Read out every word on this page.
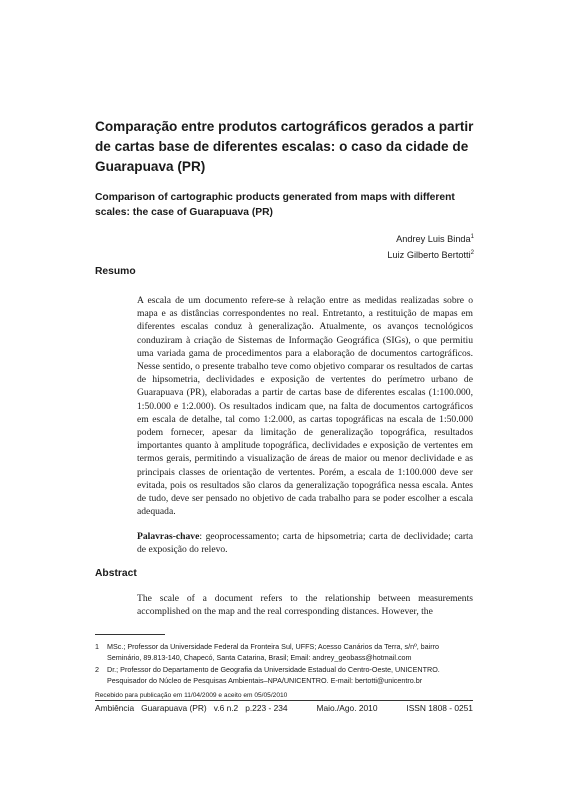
Comparação entre produtos cartográficos gerados a partir de cartas base de diferentes escalas: o caso da cidade de Guarapuava (PR)
Comparison of cartographic products generated from maps with different scales: the case of Guarapuava (PR)
Andrey Luis Binda$^1$
Luiz Gilberto Bertotti$^2$
Resumo

A escala de um documento refere-se à relação entre as medidas realizadas sobre o mapa e as distâncias correspondentes no real. Entretanto, a restituição de mapas em diferentes escalas conduz à generalização. Atualmente, os avanços tecnológicos conduziram à criação de Sistemas de Informação Geográfica (SIGs), o que permitiu uma variada gama de procedimentos para a elaboração de documentos cartográficos. Nesse sentido, o presente trabalho teve como objetivo comparar os resultados de cartas de hipsometria, declividades e exposição de vertentes do perímetro urbano de Guarapuava (PR), elaboradas a partir de cartas base de diferentes escalas (1:100.000, 1:50.000 e 1:2.000). Os resultados indicam que, na falta de documentos cartográficos em escala de detalhe, tal como 1:2.000, as cartas topográficas na escala de 1:50.000 podem fornecer, apesar da limitação de generalização topográfica, resultados importantes quanto à amplitude topográfica, declividades e exposição de vertentes em termos gerais, permitindo a visualização de áreas de maior ou menor declividade e as principais classes de orientação de vertentes. Porém, a escala de 1:100.000 deve ser evitada, pois os resultados são claros da generalização topográfica nessa escala. Antes de tudo, deve ser pensado no objetivo de cada trabalho para se poder escolher a escala adequada.

Palavras-chave: geoprocessamento; carta de hipsometria; carta de declividade; carta de exposição do relevo.

Abstract

The scale of a document refers to the relationship between measurements accomplished on the map and the real corresponding distances. However, the

1 MSc.; Professor da Universidade Federal da Fronteira Sul, UFFS; Acesso Canários da Terra, s/nº, bairro Seminário, 89.813-140, Chapecó, Santa Catarina, Brasil; Email: andrey_geobass@hotmail.com
2 Dr.; Professor do Departamento de Geografia da Universidade Estadual do Centro-Oeste, UNICENTRO. Pesquisador do Núcleo de Pesquisas Ambientais–NPA/UNICENTRO. E-mail: bertotti@unicentro.br
Recebido para publicação em 11/04/2009 e aceito em 05/05/2010
Ambiência   Guarapuava (PR)   v.6 n.2   p.223 - 234	Maio./Ago. 2010	ISSN 1808 - 0251
